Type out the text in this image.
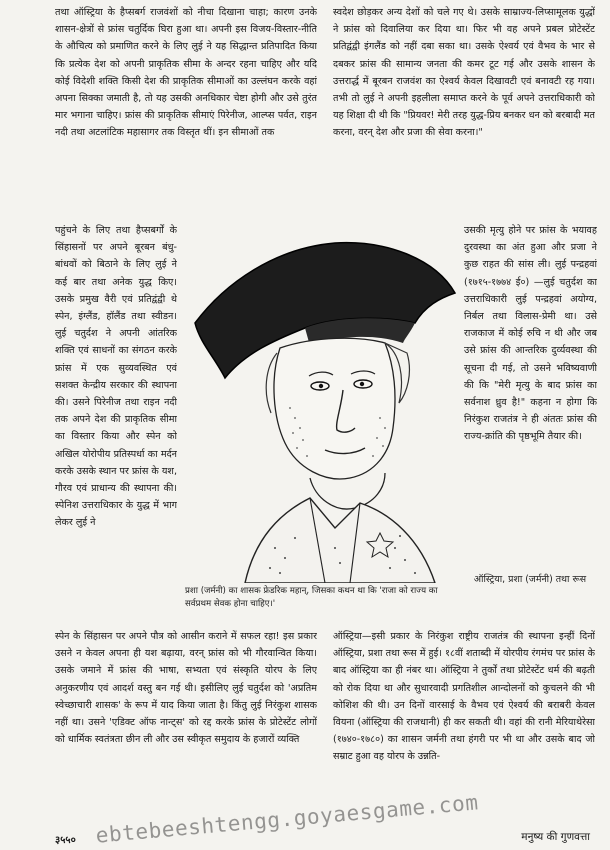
तथा ऑस्ट्रिया के हैप्सबर्ग राजवंशों को नीचा दिखाना चाहा; कारण उनके शासन-क्षेत्रों से फ्रांस चतुर्दिक घिरा हुआ था। अपनी इस विजय-विस्तार-नीति के औचित्य को प्रमाणित करने के लिए लुई ने यह सिद्धान्त प्रतिपादित किया कि प्रत्येक देश को अपनी प्राकृतिक सीमा के अन्दर रहना चाहिए और यदि कोई विदेशी शक्ति किसी देश की प्राकृतिक सीमाओं का उल्लंघन करके वहां अपना सिक्का जमाती है, तो यह उसकी अनधिकार चेष्टा होगी और उसे तुरंत मार भगाना चाहिए। फ्रांस की प्राकृतिक सीमाएं पिरेनीज, आल्प्स पर्वत, राइन नदी तथा अटलांटिक महासागर तक विस्तृत थीं। इन सीमाओं तक

स्वदेश छोड़कर अन्य देशों को चले गए थे। उसके साम्राज्य-लिप्सामूलक युद्धों ने फ्रांस को दिवालिया कर दिया था। फिर भी वह अपने प्रबल प्रोटेस्टेंट प्रतिद्वंद्वी इंगलैंड को नहीं दबा सका था। उसके ऐश्वर्य एवं वैभव के भार से दबकर फ्रांस की सामान्य जनता की कमर टूट गई और उसके शासन के उत्तरार्द्ध में बूरबन राजवंश का ऐश्वर्य केवल दिखावटी एवं बनावटी रह गया। तभी तो लुई ने अपनी इहलीला समाप्त करने के पूर्व अपने उत्तराधिकारी को यह शिक्षा दी थी कि "प्रियवर! मेरी तरह युद्ध-प्रिय बनकर धन को बरबादी मत करना, वरन् देश और प्रजा की सेवा करना।"

पहुंचने के लिए तथा हैप्सबर्गों के सिंहासनों पर अपने बूरबन बंधु-बांधवों को बिठाने के लिए लुई ने कई बार तथा अनेक युद्ध किए। उसके प्रमुख वैरी एवं प्रतिद्वंद्वी थे स्पेन, इंग्लैंड, हॉलैंड तथा स्वीडन। लुई चतुर्दश ने अपनी आंतरिक शक्ति एवं साधनों का संगठन करके फ्रांस में एक सुव्यवस्थित एवं सशक्त केन्द्रीय सरकार की स्थापना की। उसने पिरेनीज तथा राइन नदी तक अपने देश की प्राकृतिक सीमा का विस्तार किया और स्पेन को अखिल योरोपीय प्रतिस्पर्धा का मर्दन करके उसके स्थान पर फ्रांस के यश, गौरव एवं प्राधान्य की स्थापना की। स्पेनिश उत्तराधिकार के युद्ध में भाग लेकर लुई ने

प्रशा (जर्मनी) का शासक फ्रेडरिक महान्, जिसका कथन था कि 'राजा को राज्य का सर्वप्रथम सेवक होना चाहिए।'

उसकी मृत्यु होने पर फ्रांस के भयावह दुरवस्था का अंत हुआ और प्रजा ने कुछ राहत की सांस ली। लुई पन्द्रहवां (१७१५-१७७४ ई०) —लुई चतुर्दश का उत्तराधिकारी लुई पन्द्रहवां अयोग्य, निर्बल तथा विलास-प्रेमी था। उसे राजकाज में कोई रुचि न थी और जब उसे फ्रांस की आन्तरिक दुर्व्यवस्था की सूचना दी गई, तो उसने भविष्यवाणी की कि "मेरी मृत्यु के बाद फ्रांस का सर्वनाश ध्रुव है!" कहना न होगा कि निरंकुश राजतंत्र ने ही अंततः फ्रांस की राज्य-क्रांति की पृष्ठभूमि तैयार की।

ऑस्ट्रिया, प्रशा (जर्मनी) तथा रूस

स्पेन के सिंहासन पर अपने पौत्र को आसीन कराने में सफल रहा! इस प्रकार उसने न केवल अपना ही यश बढ़ाया, वरन् फ्रांस को भी गौरवान्वित किया। उसके जमाने में फ्रांस की भाषा, सभ्यता एवं संस्कृति योरप के लिए अनुकरणीय एवं आदर्श वस्तु बन गई थी। इसीलिए लुई चतुर्दश को 'अप्रतिम स्वेच्छाचारी शासक' के रूप में याद किया जाता है। किंतु लुई निरंकुश शासक नहीं था। उसने 'एडिक्ट ऑफ नान्ट्स' को रद्द करके फ्रांस के प्रोटेस्टेंट लोगों को धार्मिक स्वतंत्रता छीन ली और उस स्वीकृत समुदाय के हजारों व्यक्ति

ऑस्ट्रिया—इसी प्रकार के निरंकुश राष्ट्रीय राजतंत्र की स्थापना इन्हीं दिनों ऑस्ट्रिया, प्रशा तथा रूस में हुई। १८वीं शताब्दी में योरपीय रंगमंच पर फ्रांस के बाद ऑस्ट्रिया का ही नंबर था। ऑस्ट्रिया ने तुर्कों तथा प्रोटेस्टेंट धर्म की बढ़ती को रोक दिया था और सुधारवादी प्रगतिशील आन्दोलनों को कुचलने की भी कोशिश की थी। उन दिनों वारसाई के वैभव एवं ऐश्वर्य की बराबरी केवल वियना (ऑस्ट्रिया की राजधानी) ही कर सकती थी। वहां की रानी मेरियाथेरेसा (१७४०-१७८०) का शासन जर्मनी तथा हंगरी पर भी था और उसके बाद जो सम्राट हुआ वह योरप के उन्नति-

ebtebeeshtengg.goyaesgame.com
३५५०	मनुष्य की गुणवत्ता
